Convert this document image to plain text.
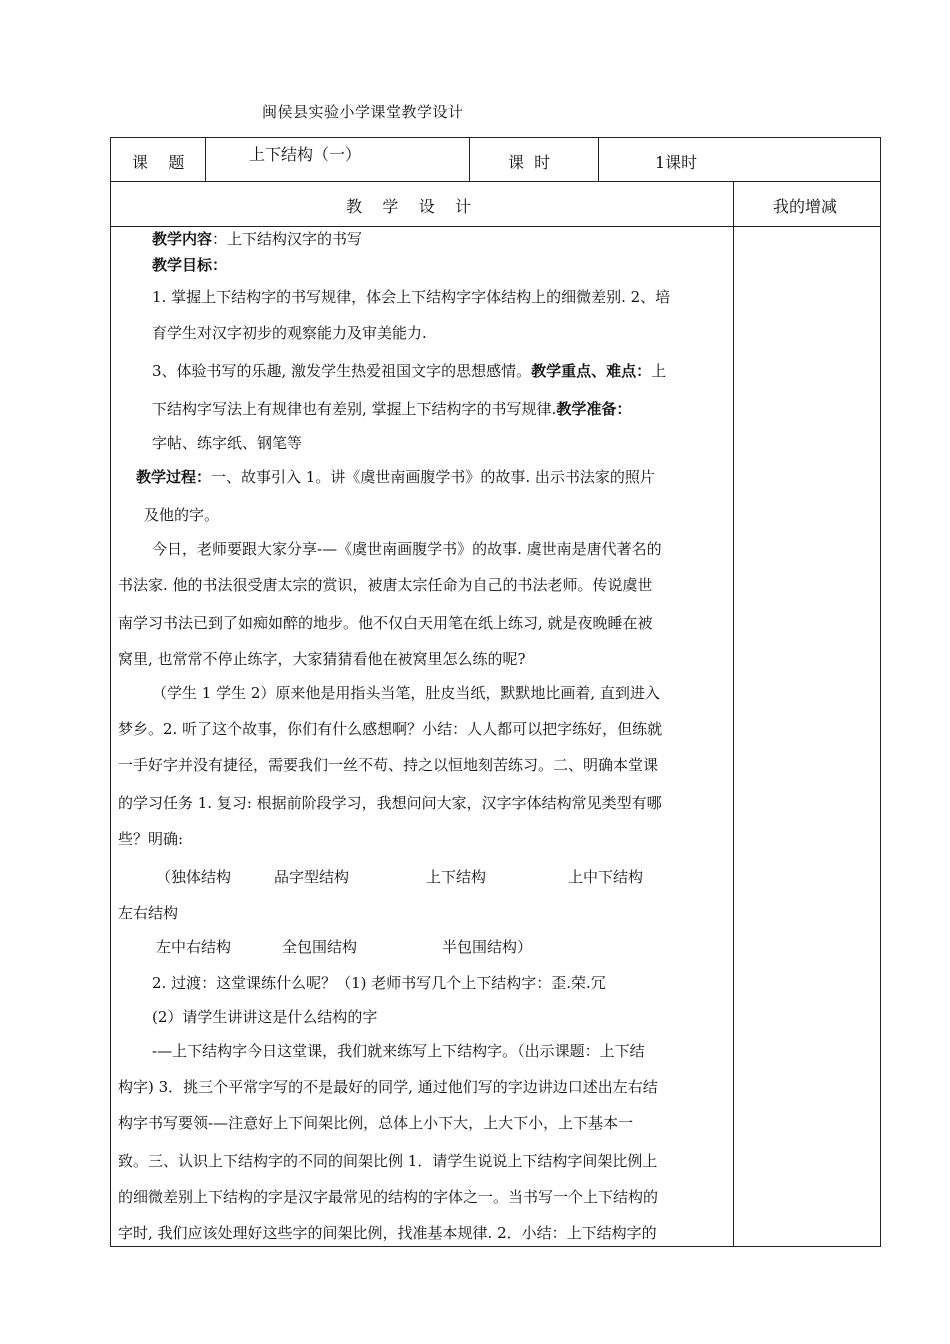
闽侯县实验小学课堂教学设计
课    题	上下结构（一）	课  时	1课时
教    学    设    计	我的增减
教学内容：上下结构汉字的书写
教学目标：
1. 掌握上下结构字的书写规律，体会上下结构字字体结构上的细微差别. 2、培
育学生对汉字初步的观察能力及审美能力.
3、体验书写的乐趣, 激发学生热爱祖国文字的思想感情。教学重点、难点：上
下结构字写法上有规律也有差别, 掌握上下结构字的书写规律.教学准备：
字帖、练字纸、钢笔等
教学过程：一、故事引入 1。讲《虞世南画腹学书》的故事. 出示书法家的照片
及他的字。
今日，老师要跟大家分享-—《虞世南画腹学书》的故事. 虞世南是唐代著名的
书法家. 他的书法很受唐太宗的赏识，被唐太宗任命为自己的书法老师。传说虞世
南学习书法已到了如痴如醉的地步。他不仅白天用笔在纸上练习, 就是夜晚睡在被
窝里, 也常常不停止练字，大家猜猜看他在被窝里怎么练的呢?
（学生 1 学生 2）原来他是用指头当笔，肚皮当纸，默默地比画着, 直到进入
梦乡。2. 听了这个故事，你们有什么感想啊？小结：人人都可以把字练好，但练就
一手好字并没有捷径，需要我们一丝不苟、持之以恒地刻苦练习。二、明确本堂课
的学习任务 1. 复习: 根据前阶段学习，我想问问大家，汉字字体结构常见类型有哪
些？明确:
（独体结构	品字型结构	上下结构	上中下结构
左右结构
左中右结构	全包围结构	半包围结构）
2. 过渡：这堂课练什么呢？（1) 老师书写几个上下结构字：歪.荣.冗
(2）请学生讲讲这是什么结构的字
-—上下结构字今日这堂课，我们就来练写上下结构字。（出示课题：上下结
构字) 3．挑三个平常字写的不是最好的同学, 通过他们写的字边讲边口述出左右结
构字书写要领-—注意好上下间架比例，总体上小下大，上大下小，上下基本一
致。三、认识上下结构字的不同的间架比例 1．请学生说说上下结构字间架比例上
的细微差别上下结构的字是汉字最常见的结构的字体之一。当书写一个上下结构的
字时, 我们应该处理好这些字的间架比例，找准基本规律. 2．小结：上下结构字的
